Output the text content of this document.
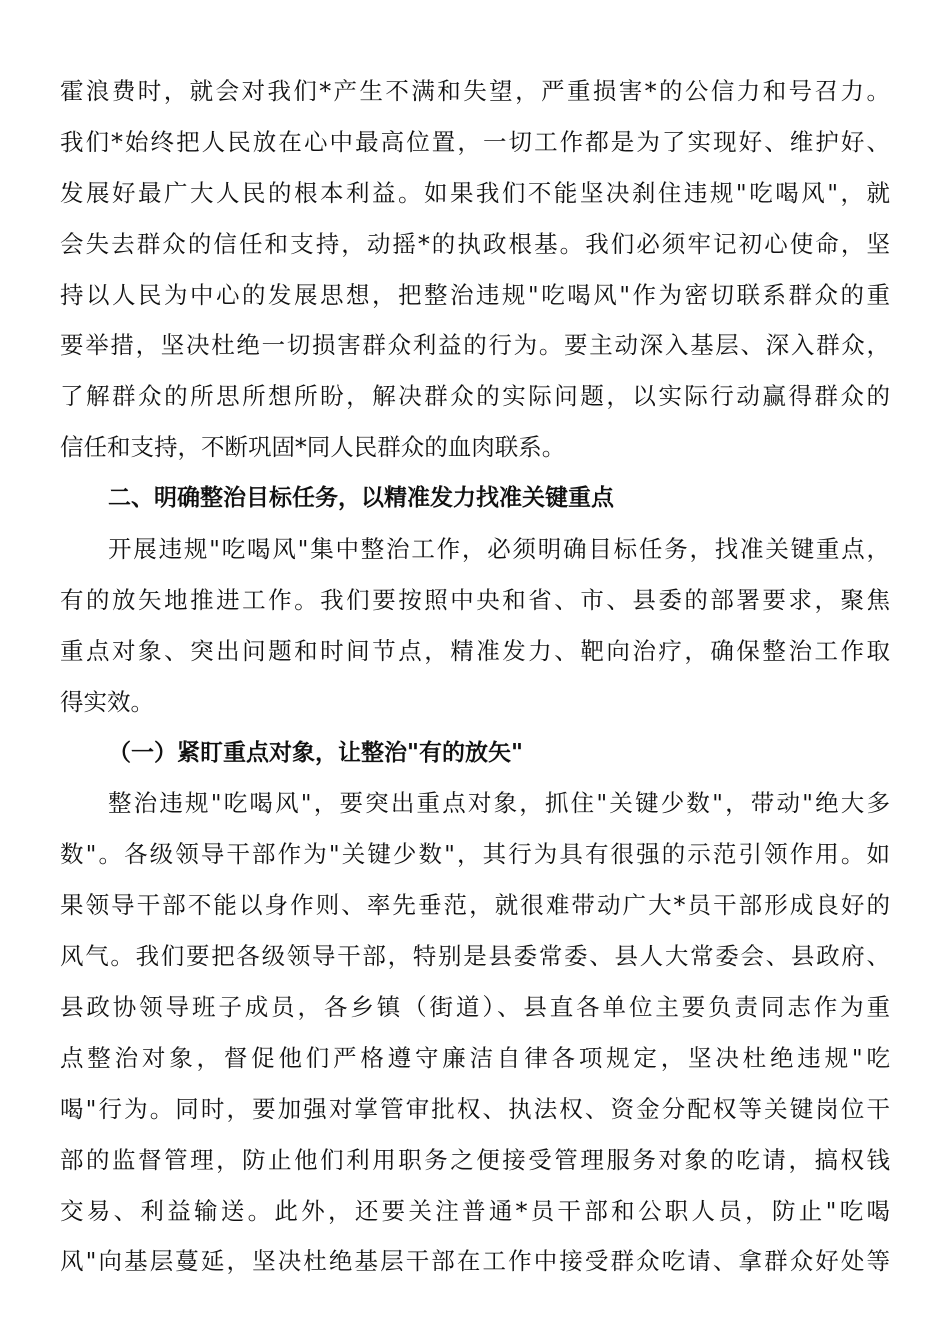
霍浪费时，就会对我们*产生不满和失望，严重损害*的公信力和号召力。
我们*始终把人民放在心中最高位置，一切工作都是为了实现好、维护好、
发展好最广大人民的根本利益。如果我们不能坚决刹住违规"吃喝风"，就
会失去群众的信任和支持，动摇*的执政根基。我们必须牢记初心使命，坚
持以人民为中心的发展思想，把整治违规"吃喝风"作为密切联系群众的重
要举措，坚决杜绝一切损害群众利益的行为。要主动深入基层、深入群众，
了解群众的所思所想所盼，解决群众的实际问题，以实际行动赢得群众的
信任和支持，不断巩固*同人民群众的血肉联系。
二、明确整治目标任务，以精准发力找准关键重点
开展违规"吃喝风"集中整治工作，必须明确目标任务，找准关键重点，
有的放矢地推进工作。我们要按照中央和省、市、县委的部署要求，聚焦
重点对象、突出问题和时间节点，精准发力、靶向治疗，确保整治工作取
得实效。
（一）紧盯重点对象，让整治"有的放矢"
整治违规"吃喝风"，要突出重点对象，抓住"关键少数"，带动"绝大多
数"。各级领导干部作为"关键少数"，其行为具有很强的示范引领作用。如
果领导干部不能以身作则、率先垂范，就很难带动广大*员干部形成良好的
风气。我们要把各级领导干部，特别是县委常委、县人大常委会、县政府、
县政协领导班子成员，各乡镇（街道）、县直各单位主要负责同志作为重
点整治对象，督促他们严格遵守廉洁自律各项规定，坚决杜绝违规"吃
喝"行为。同时，要加强对掌管审批权、执法权、资金分配权等关键岗位干
部的监督管理，防止他们利用职务之便接受管理服务对象的吃请，搞权钱
交易、利益输送。此外，还要关注普通*员干部和公职人员，防止"吃喝
风"向基层蔓延，坚决杜绝基层干部在工作中接受群众吃请、拿群众好处等
